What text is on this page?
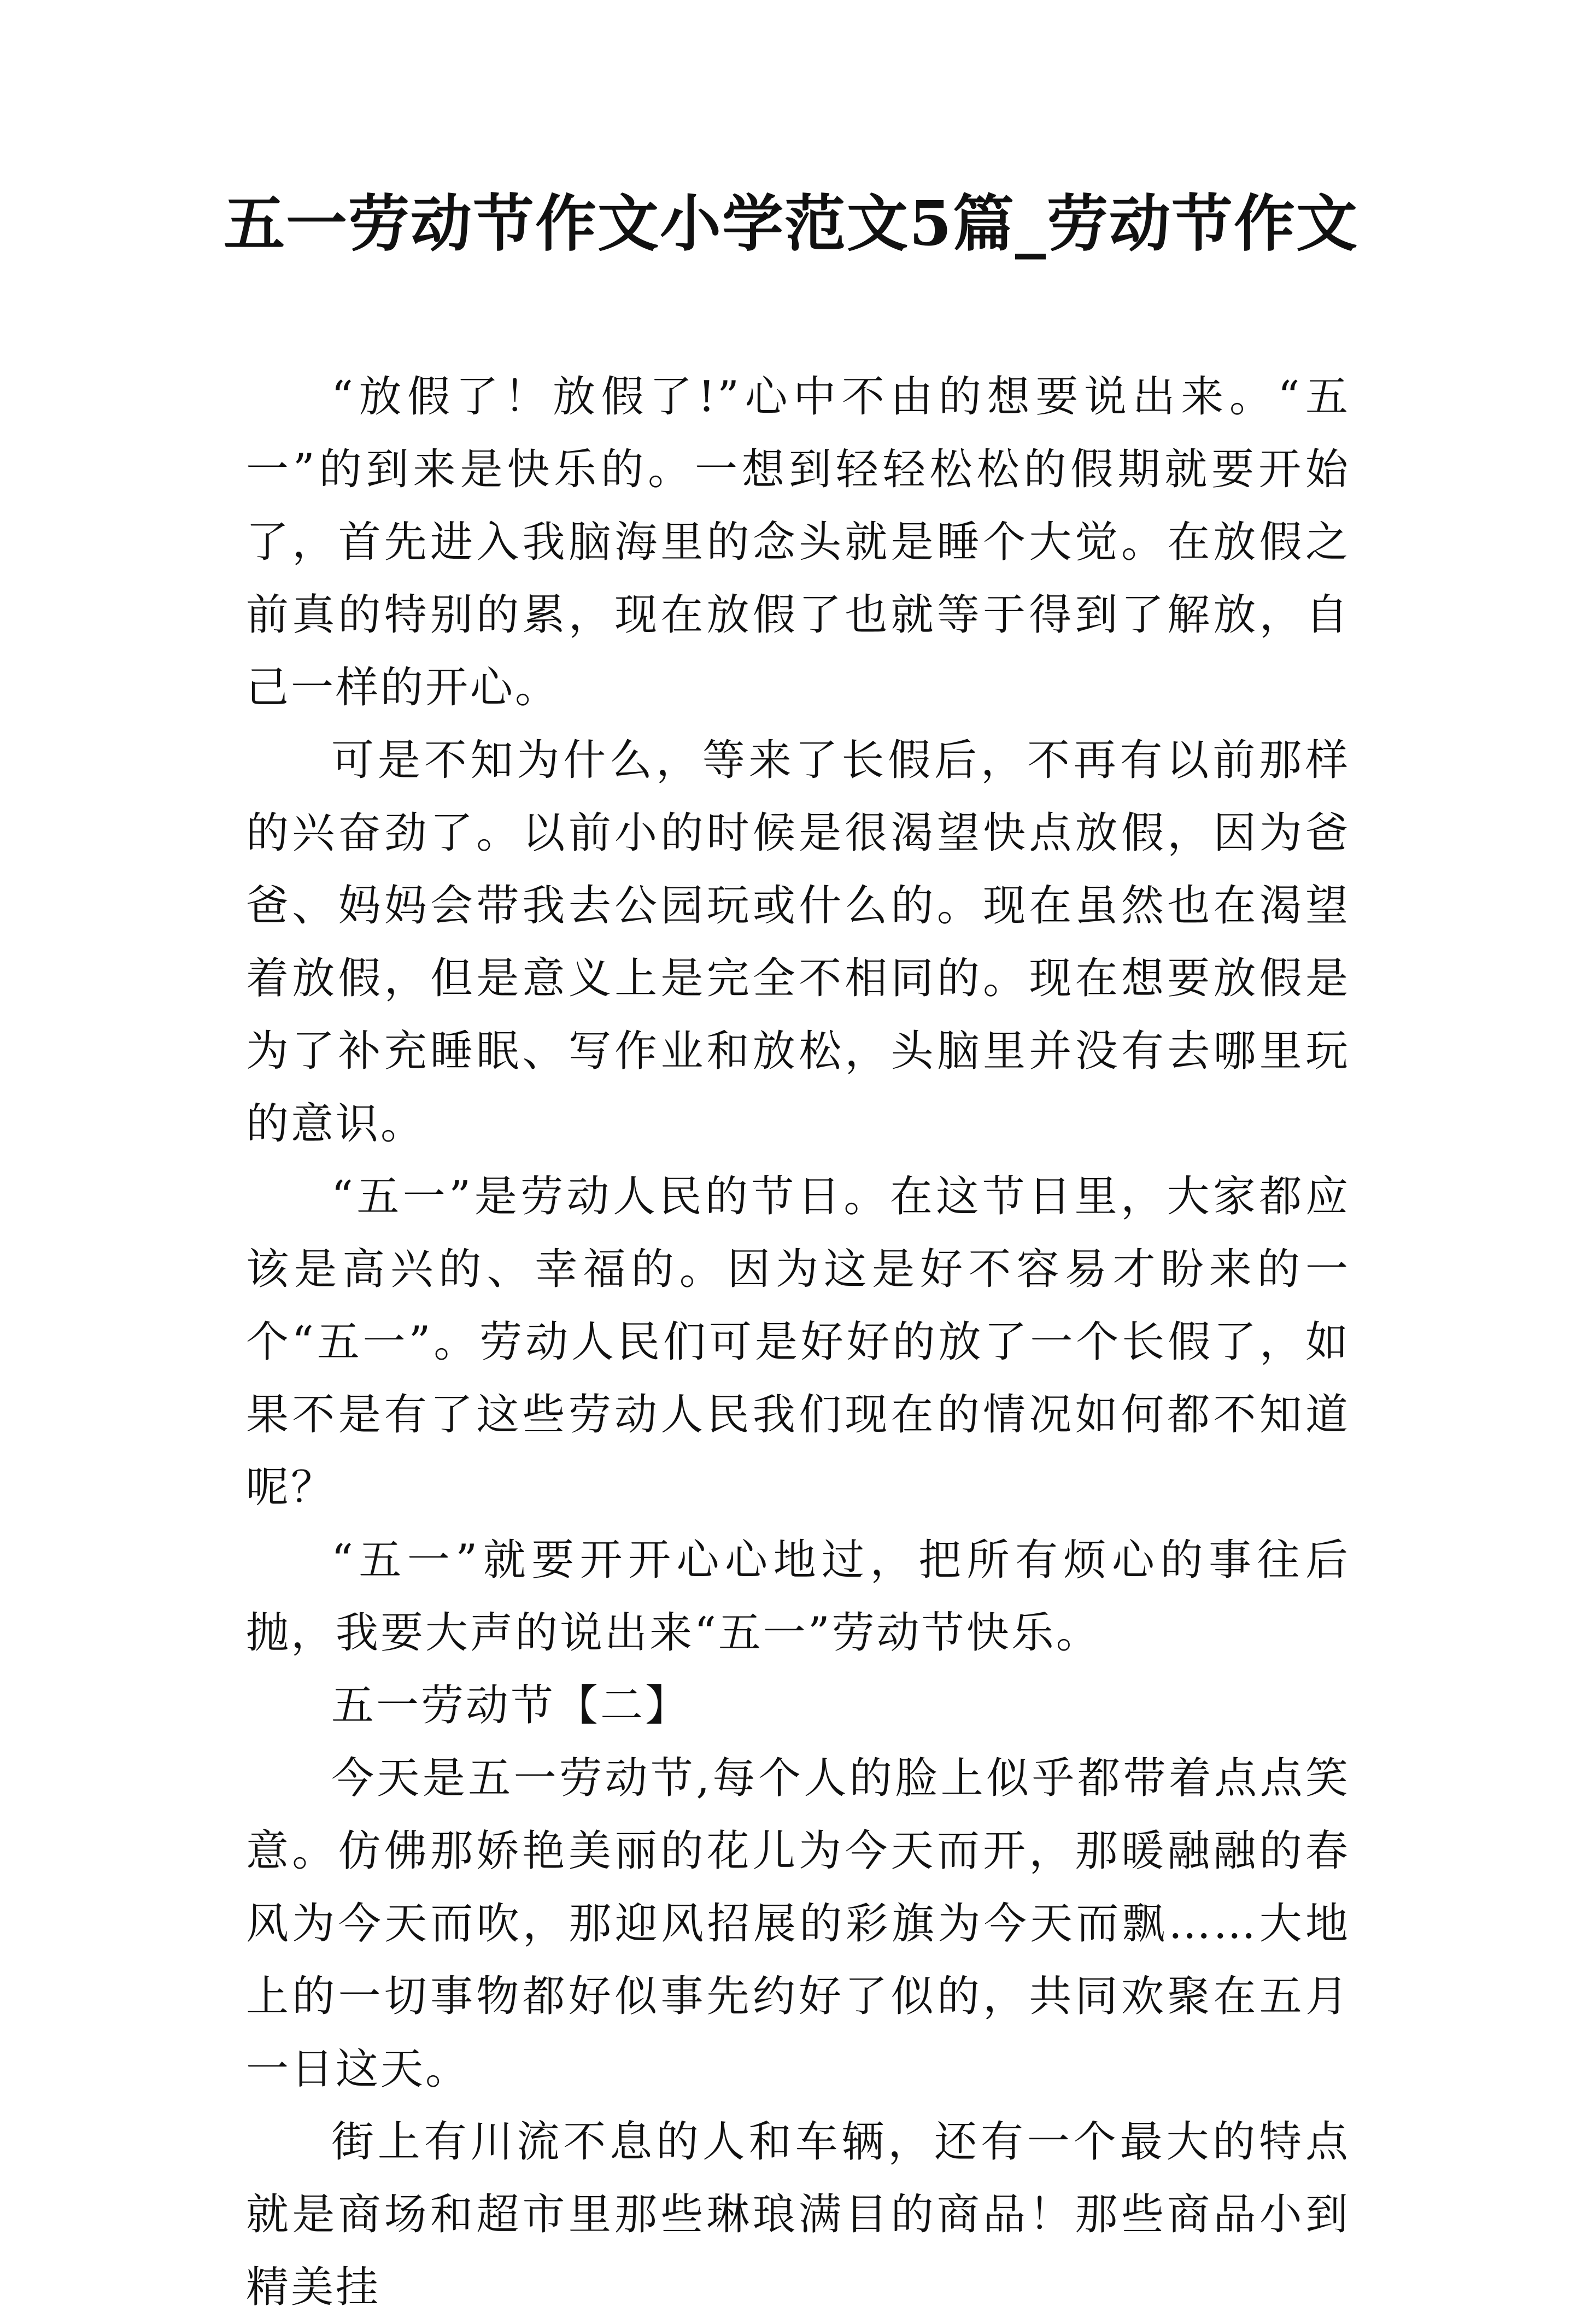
五一劳动节作文小学范文5篇_劳动节作文

“放假了！放假了!”心中不由的想要说出来。“五一”的到来是快乐的。一想到轻轻松松的假期就要开始了，首先进入我脑海里的念头就是睡个大觉。在放假之前真的特别的累，现在放假了也就等于得到了解放，自己一样的开心。

可是不知为什么，等来了长假后，不再有以前那样的兴奋劲了。以前小的时候是很渴望快点放假，因为爸爸、妈妈会带我去公园玩或什么的。现在虽然也在渴望着放假，但是意义上是完全不相同的。现在想要放假是为了补充睡眠、写作业和放松，头脑里并没有去哪里玩的意识。

“五一”是劳动人民的节日。在这节日里，大家都应该是高兴的、幸福的。因为这是好不容易才盼来的一个“五一”。劳动人民们可是好好的放了一个长假了，如果不是有了这些劳动人民我们现在的情况如何都不知道呢？

“五一”就要开开心心地过，把所有烦心的事往后抛，我要大声的说出来“五一”劳动节快乐。

五一劳动节【二】

今天是五一劳动节,每个人的脸上似乎都带着点点笑意。仿佛那娇艳美丽的花儿为今天而开，那暖融融的春风为今天而吹，那迎风招展的彩旗为今天而飘……大地上的一切事物都好似事先约好了似的，共同欢聚在五月一日这天。

街上有川流不息的人和车辆，还有一个最大的特点就是商场和超市里那些琳琅满目的商品！那些商品小到精美挂
